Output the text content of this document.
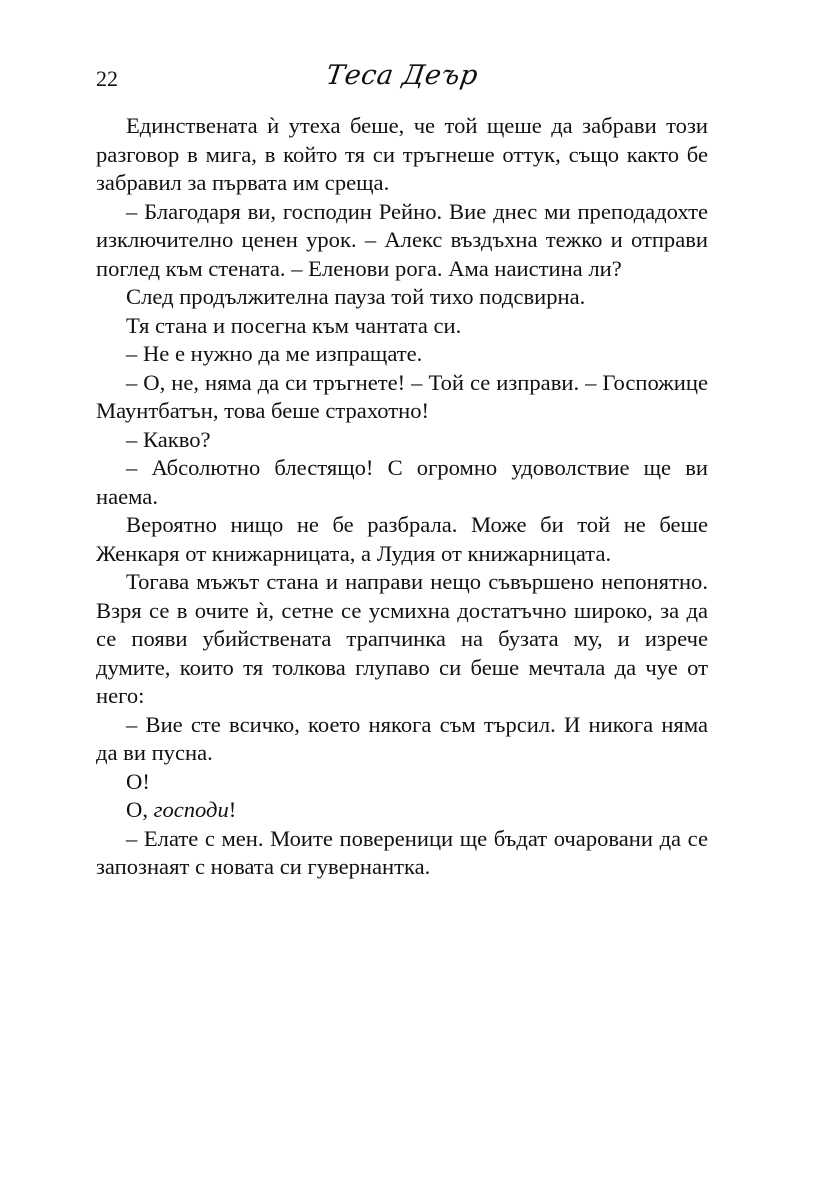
22	Теса Деър

Единствената ѝ утеха беше, че той щеше да забрави този разговор в мига, в който тя си тръгнеше оттук, също както бе забравил за първата им среща.

– Благодаря ви, господин Рейно. Вие днес ми преподадохте изключително ценен урок. – Алекс въздъхна тежко и отправи поглед към стената. – Еленови рога. Ама наистина ли?

След продължителна пауза той тихо подсвирна.

Тя стана и посегна към чантата си.

– Не е нужно да ме изпращате.

– О, не, няма да си тръгнете! – Той се изправи. – Госпожице Маунтбатън, това беше страхотно!

– Какво?

– Абсолютно блестящо! С огромно удоволствие ще ви наема.

Вероятно нищо не бе разбрала. Може би той не беше Женкаря от книжарницата, а Лудия от книжарницата.

Тогава мъжът стана и направи нещо съвършено непонятно. Взря се в очите ѝ, сетне се усмихна достатъчно широко, за да се появи убийствената трапчинка на бузата му, и изрече думите, които тя толкова глупаво си беше мечтала да чуе от него:

– Вие сте всичко, което някога съм търсил. И никога няма да ви пусна.

О!

О, господи!

– Елате с мен. Моите повереници ще бъдат очаровани да се запознаят с новата си гувернантка.
